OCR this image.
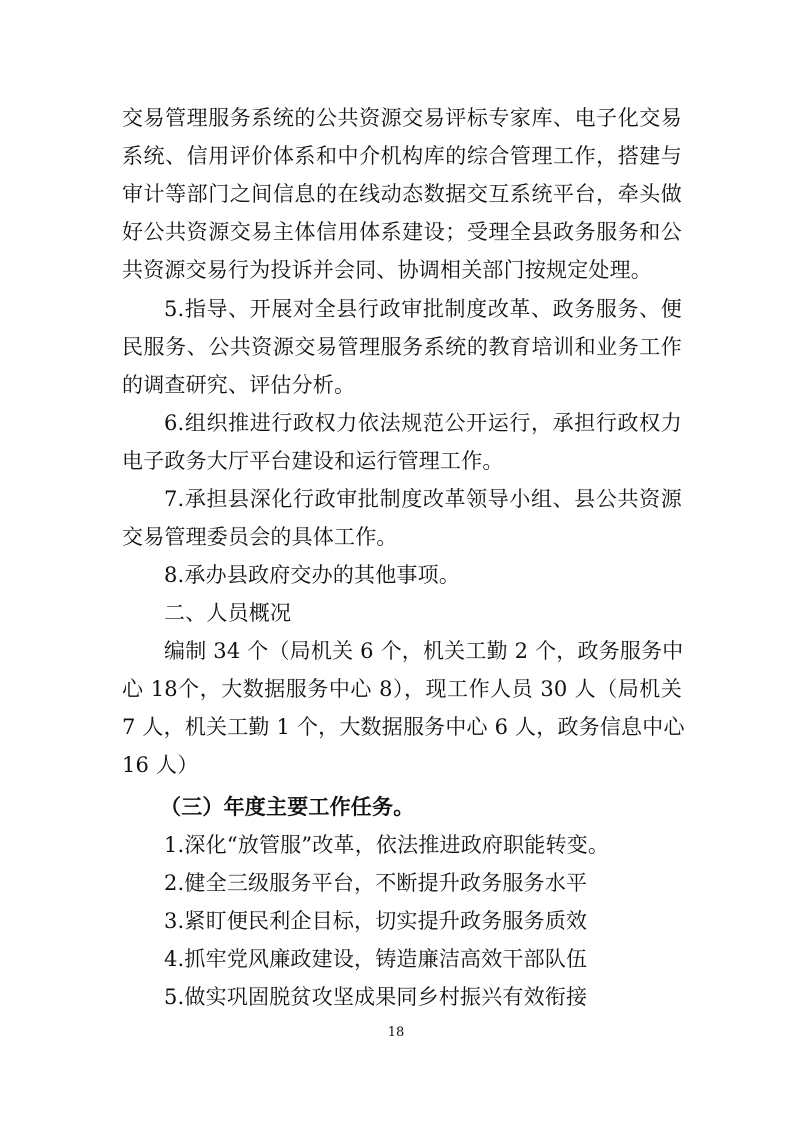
交易管理服务系统的公共资源交易评标专家库、电子化交易
系统、信用评价体系和中介机构库的综合管理工作，搭建与
审计等部门之间信息的在线动态数据交互系统平台，牵头做
好公共资源交易主体信用体系建设；受理全县政务服务和公
共资源交易行为投诉并会同、协调相关部门按规定处理。
5.指导、开展对全县行政审批制度改革、政务服务、便
民服务、公共资源交易管理服务系统的教育培训和业务工作
的调查研究、评估分析。
6.组织推进行政权力依法规范公开运行，承担行政权力
电子政务大厅平台建设和运行管理工作。
7.承担县深化行政审批制度改革领导小组、县公共资源
交易管理委员会的具体工作。
8.承办县政府交办的其他事项。
二、人员概况
编制 34 个（局机关 6 个，机关工勤 2 个，政务服务中
心 18个，大数据服务中心 8），现工作人员 30 人（局机关
7 人，机关工勤 1 个，大数据服务中心 6 人，政务信息中心
16 人）
（三）年度主要工作任务。
1.深化“放管服”改革，依法推进政府职能转变。
2.健全三级服务平台，不断提升政务服务水平
3.紧盯便民利企目标，切实提升政务服务质效
4.抓牢党风廉政建设，铸造廉洁高效干部队伍
5.做实巩固脱贫攻坚成果同乡村振兴有效衔接
18
